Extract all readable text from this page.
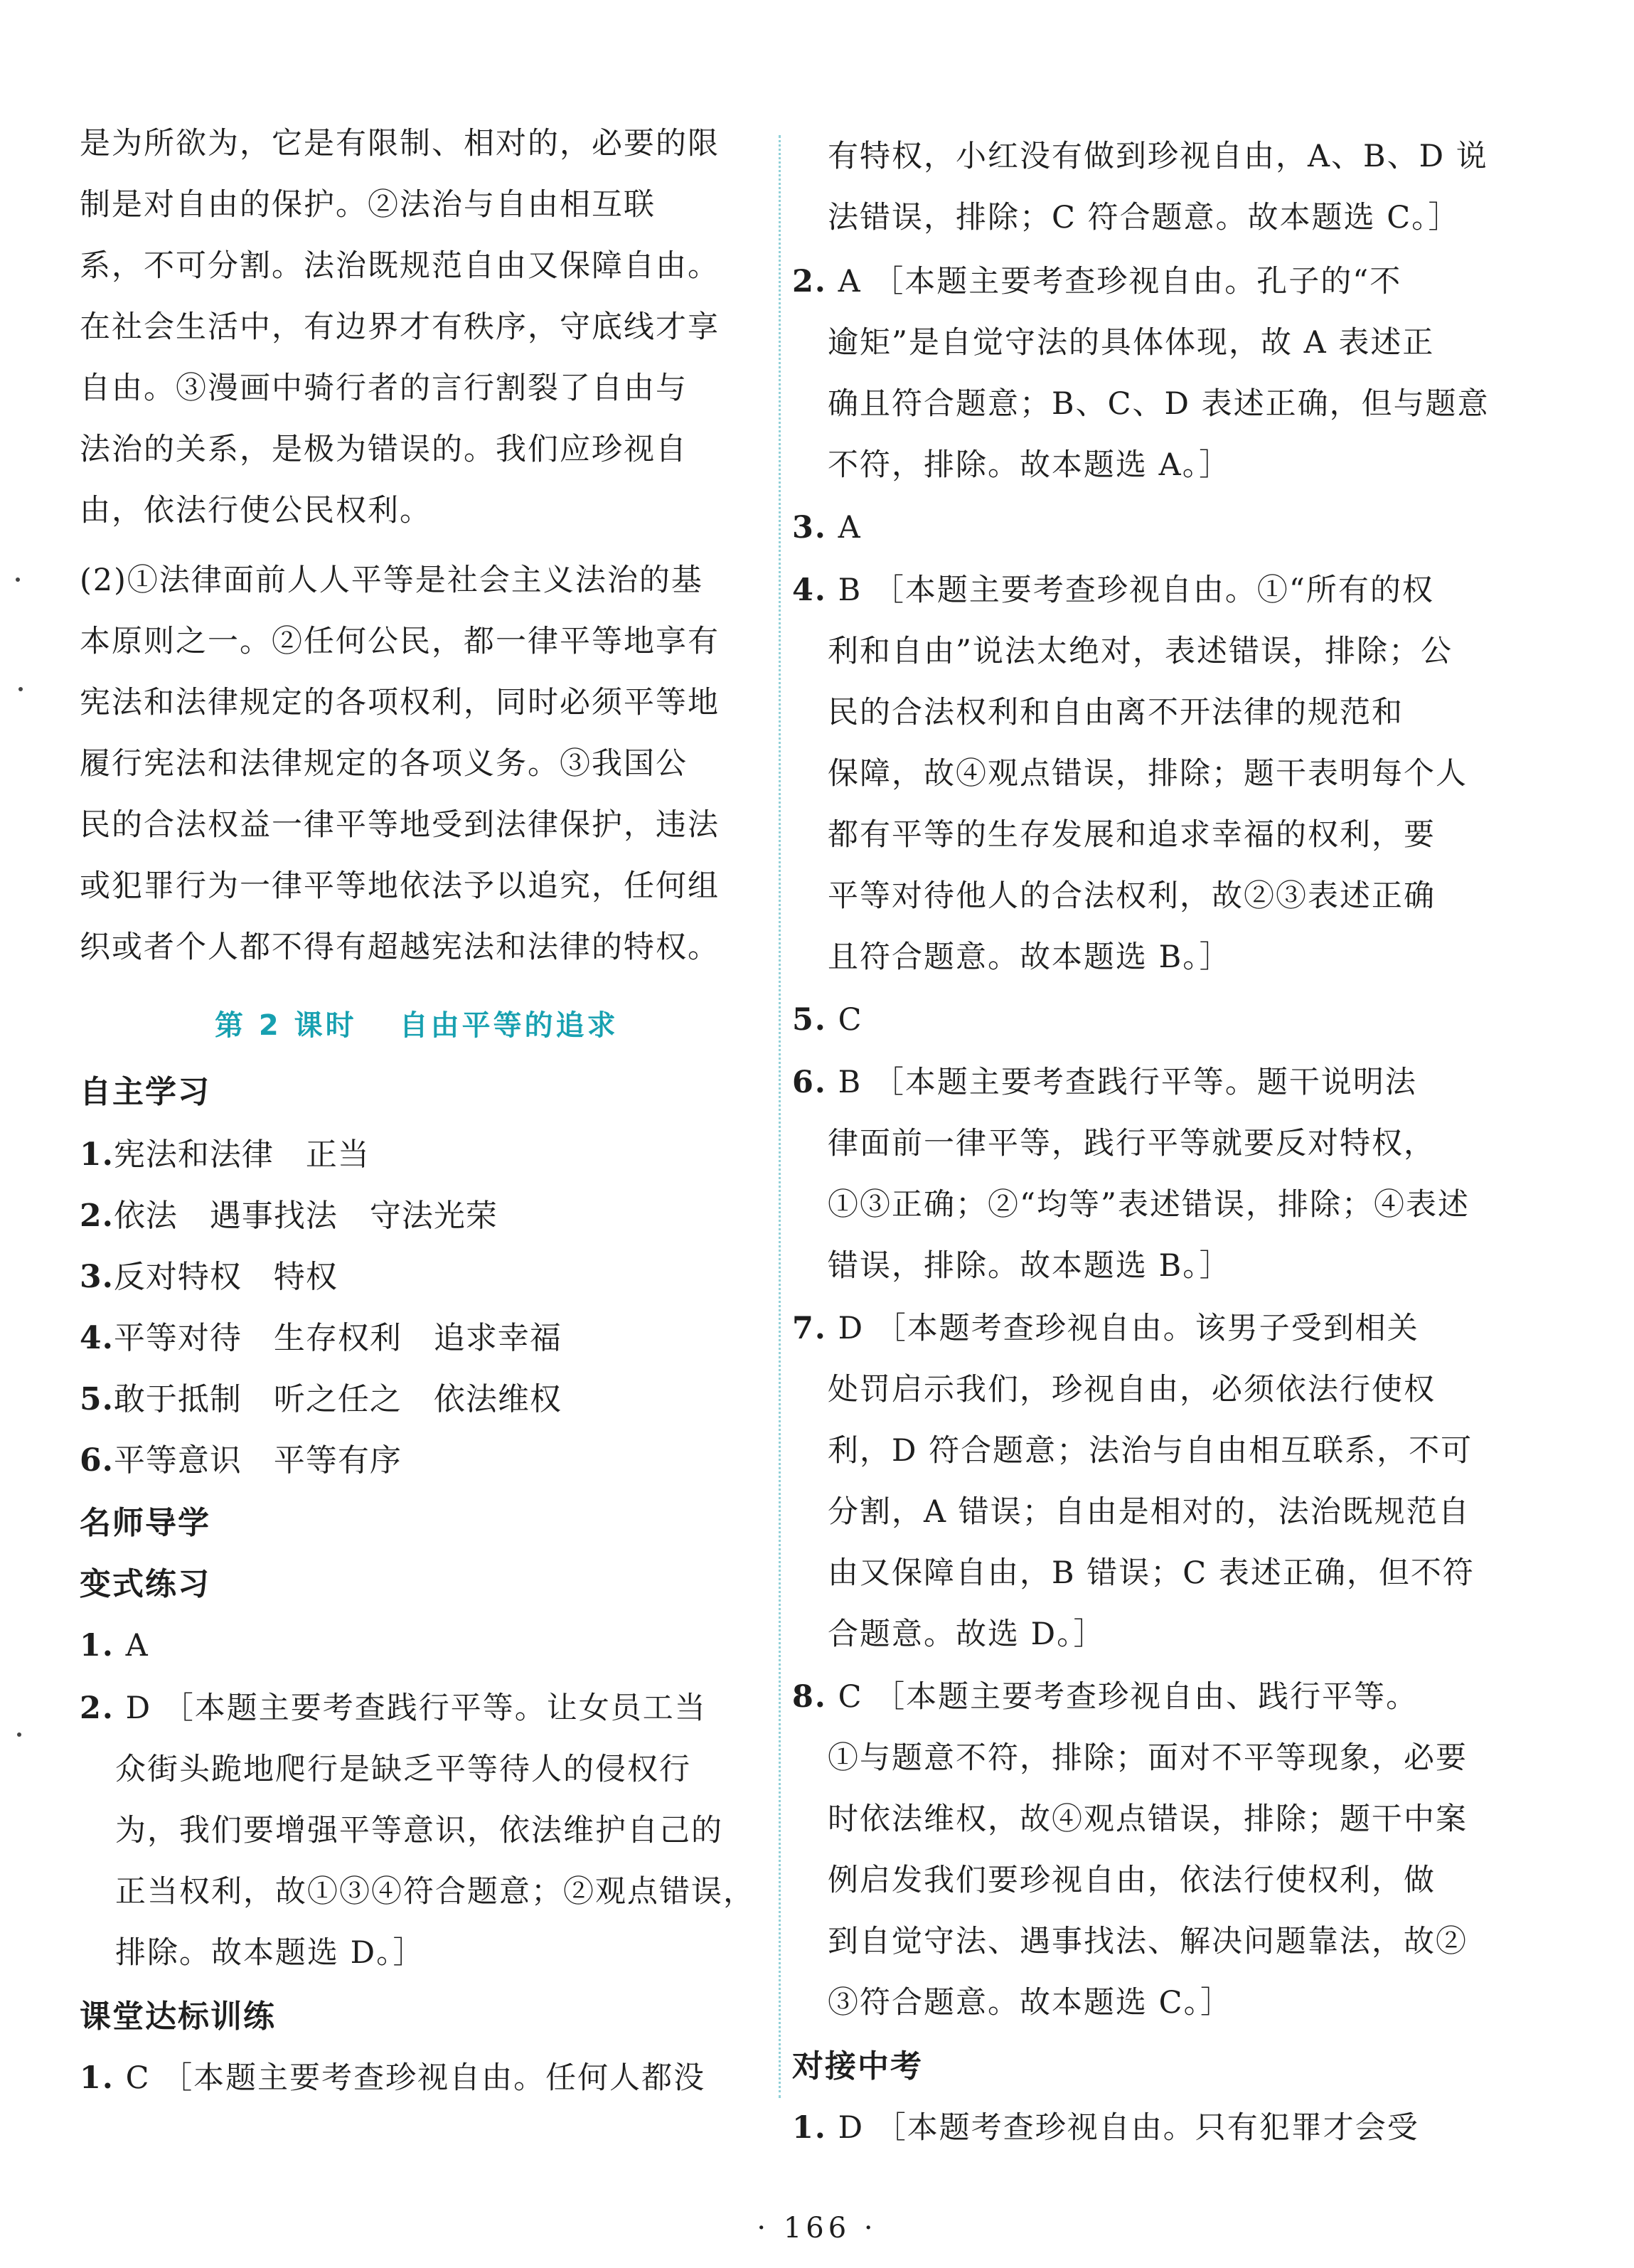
是为所欲为，它是有限制、相对的，必要的限
制是对自由的保护。②法治与自由相互联
系，不可分割。法治既规范自由又保障自由。
在社会生活中，有边界才有秩序，守底线才享
自由。③漫画中骑行者的言行割裂了自由与
法治的关系，是极为错误的。我们应珍视自
由，依法行使公民权利。
(2)①法律面前人人平等是社会主义法治的基
本原则之一。②任何公民，都一律平等地享有
宪法和法律规定的各项权利，同时必须平等地
履行宪法和法律规定的各项义务。③我国公
民的合法权益一律平等地受到法律保护，违法
或犯罪行为一律平等地依法予以追究，任何组
织或者个人都不得有超越宪法和法律的特权。
第 2 课时 自由平等的追求
自主学习
1.宪法和法律　正当
2.依法　遇事找法　守法光荣
3.反对特权　特权
4.平等对待　生存权利　追求幸福
5.敢于抵制　听之任之　依法维权
6.平等意识　平等有序
名师导学
变式练习
1. A
2. D ［本题主要考查践行平等。让女员工当
众街头跪地爬行是缺乏平等待人的侵权行
为，我们要增强平等意识，依法维护自己的
正当权利，故①③④符合题意；②观点错误，
排除。故本题选 D。］
课堂达标训练
1. C ［本题主要考查珍视自由。任何人都没
有特权，小红没有做到珍视自由，A、B、D 说
法错误，排除；C 符合题意。故本题选 C。］
2. A ［本题主要考查珍视自由。孔子的“不
逾矩”是自觉守法的具体体现，故 A 表述正
确且符合题意；B、C、D 表述正确，但与题意
不符，排除。故本题选 A。］
3. A
4. B ［本题主要考查珍视自由。①“所有的权
利和自由”说法太绝对，表述错误，排除；公
民的合法权利和自由离不开法律的规范和
保障，故④观点错误，排除；题干表明每个人
都有平等的生存发展和追求幸福的权利，要
平等对待他人的合法权利，故②③表述正确
且符合题意。故本题选 B。］
5. C
6. B ［本题主要考查践行平等。题干说明法
律面前一律平等，践行平等就要反对特权，
①③正确；②“均等”表述错误，排除；④表述
错误，排除。故本题选 B。］
7. D ［本题考查珍视自由。该男子受到相关
处罚启示我们，珍视自由，必须依法行使权
利，D 符合题意；法治与自由相互联系，不可
分割，A 错误；自由是相对的，法治既规范自
由又保障自由，B 错误；C 表述正确，但不符
合题意。故选 D。］
8. C ［本题主要考查珍视自由、践行平等。
①与题意不符，排除；面对不平等现象，必要
时依法维权，故④观点错误，排除；题干中案
例启发我们要珍视自由，依法行使权利，做
到自觉守法、遇事找法、解决问题靠法，故②
③符合题意。故本题选 C。］
对接中考
1. D ［本题考查珍视自由。只有犯罪才会受
· 166 ·
